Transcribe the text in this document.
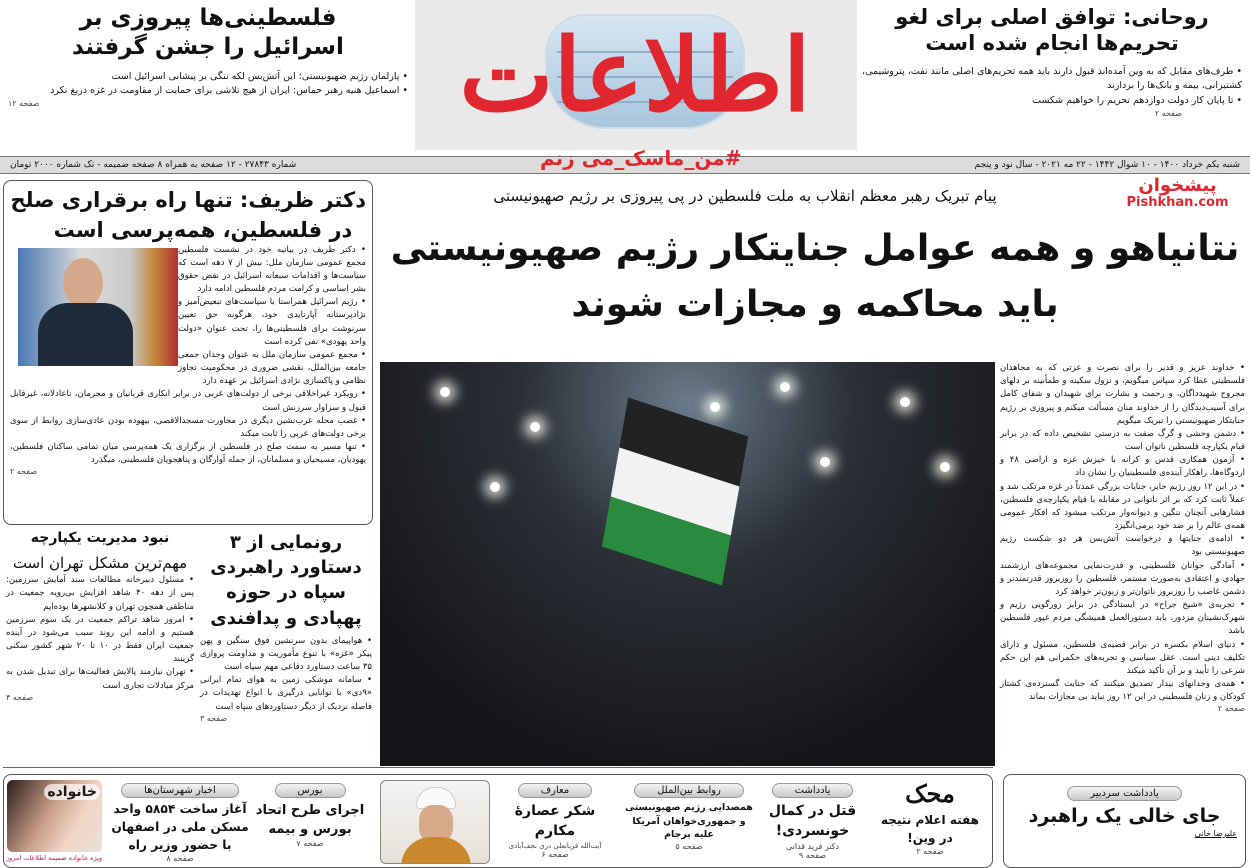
فلسطینی‌ها پیروزی بر اسرائیل را جشن گرفتند
• پارلمان رژیم صهیونیستی: این آتش‌بس لکه ننگی بر پیشانی اسرائیل است
• اسماعیل هنیه رهبر حماس: ایران از هیچ تلاشی برای حمایت از مقاومت در غزه دریغ نکرد
صفحه ۱۲	اطلاعات	روحانی: توافق اصلی برای لغو تحریم‌ها انجام شده است
• طرف‌های مقابل که به وین آمده‌اند قبول دارند باید همه تحریم‌های اصلی مانند نفت، پتروشیمی، کشتیرانی، بیمه و بانک‌ها را بردارند
• تا پایان کار دولت دوازدهم تحریم را خواهیم شکست
صفحه ۲
شنبه یکم خرداد ۱۴۰۰ - ۱۰ شوال ۱۴۴۲ - ۲۲ مه ۲۰۲۱ - سال نود و پنجم
شماره ۲۷۸۴۳ - ۱۲ صفحه به همراه ۸ صفحه ضمیمه - تک شماره ۲۰۰۰ تومان	#من_ماسک_می زنم
پیشخوان
Pishkhan.com
پیام تبریک رهبر معظم انقلاب به ملت فلسطین در پی پیروزی بر رژیم صهیونیستی
نتانیاهو و همه عوامل جنایتکار رژیم صهیونیستی
باید محاکمه و مجازات شوند
دکتر ظریف: تنها راه برقراری صلح
در فلسطین، همه‌پرسی است
• دکتر ظریف در بیانیه خود در نشست فلسطین مجمع عمومی سازمان ملل: بیش از ۷ دهه است که سیاست‌ها و اقدامات سبعانه اسرائیل در نقض حقوق بشر اساسی و کرامت مردم فلسطین ادامه دارد
• رژیم اسرائیل همراستا با سیاست‌های تبعیض‌آمیز و نژادپرستانه آپارتایدی خود، هرگونه حق تعیین سرنوشت برای فلسطینی‌ها را، تحت عنوان «دولت واحد یهودی» نفی کرده است
• مجمع عمومی سازمان ملل به عنوان وجدان جمعی جامعه بین‌الملل، نقشی ضروری در محکومیت تجاوز نظامی و پاکسازی نژادی اسرائیل بر عهده دارد
• رویکرد غیراخلاقی برخی از دولت‌های غربی در برابر انکاری قربانیان و مجرمان، ناعادلانه، غیرقابل قبول و سزاوار سرزنش است
• غصب محله عرب‌نشین دیگری در مجاورت مسجدالاقصی، بیهوده بودن عادی‌سازی روابط از سوی برخی دولت‌های عربی را ثابت میکند
• تنها مسیر به سمت صلح در فلسطین از برگزاری یک همه‌پرسی میان تمامی ساکنان فلسطین، یهودیان، مسیحیان و مسلمانان، از جمله آوارگان و پناهجویان فلسطینی، میگذرد
صفحه ۲
رونمایی از ۳ دستاورد راهبردی سپاه در حوزه پهپادی و پدافندی
• هواپیمای بدون سرنشین فوق سنگین و پهن پیکر «غزه» با تنوع مأموریت و مداومت پروازی ۳۵ ساعت دستاورد دفاعی مهم سپاه است
• سامانه موشکی زمین به هوای تمام ایرانی «۹دی» با توانایی درگیری با انواع تهدیدات در فاصله نزدیک از دیگر دستاوردهای سپاه است
صفحه ۳
نبود مدیریت یکپارچه
مهم‌ترین مشکل تهران است
• مسئول دبیرخانه مطالعات سند آمایش سرزمین: پس از دهه ۴۰ شاهد افزایش بی‌رویه جمعیت در مناطقی همچون تهران و کلانشهرها بوده‌ایم
• امروز شاهد تراکم جمعیت در یک سوم سرزمین هستیم و ادامه این روند سبب می‌شود در آینده جمعیت ایران فقط در ۱۰ تا ۲۰ شهر کشور سکنی گزینند
• تهران نیازمند پالایش فعالیت‌ها برای تبدیل شدن به مرکز مبادلات تجاری است
صفحه ۴
• خداوند عزیز و قدیر را برای نصرت و عزتی که به مجاهدان فلسطینی عطا کرد سپاس میگویم، و نزول سکینه و طمأنینه بر دلهای مجروح شهیدداگان، و رحمت و بشارت برای شهیدان و شفای کامل برای آسیب‌دیدگان را از خداوند منان مسألت میکنم و پیروزی بر رژیم جنایتکار صهیونیستی را تبریک میگویم
• دشمن وحشی و گرگ صفت به درستی تشخیص داده که در برابر قیام یکپارچه فلسطین ناتوان است
• آزمون همکاری قدس و کرانه با خیزش غزه و اراضی ۴۸ و اردوگاه‌ها، راهکار آینده‌ی فلسطینیان را نشان داد
• در این ۱۲ روز رژیم جابر، جنایات بزرگی عمدتاً در غزه مرتکب شد و عملاً ثابت کرد که بر اثر ناتوانی در مقابله با قیام یکپارچه‌ی فلسطین، فشارهایی آنچنان ننگین و دیوانه‌وار مرتکب میشود که افکار عمومی همه‌ی عالم را بر ضد خود برمی‌انگیزد
• ادامه‌ی جنایتها و درخواست آتش‌بس هر دو شکست رژیم صهیونیستی بود
• آمادگی جوانان فلسطینی، و قدرت‌نمایی مجموعه‌های ارزشمند جهادی و اعتقادی به‌صورت مستمر، فلسطین را روزبروز قدرتمندتر و دشمن غاصب را روزبروز ناتوان‌تر و زبون‌تر خواهد کرد
• تجربه‌ی «شیخ جراح» در ایستادگی در برابر زورگویی رژیم و شهرک‌نشینان مزدور، باید دستورالعمل همیشگی مردم غیور فلسطین باشد
• دنیای اسلام بکسره در برابر قضیه‌ی فلسطین، مسئول و دارای تکلیف دینی است. عقل سیاسی و تجربه‌های حکمرانی هم این حکم شرعی را تأیید و بر آن تأکید میکند
• همه‌ی وجدانهای بیدار تصدیق میکنند که جنایت گسترده‌ی کشتار کودکان و زنان فلسطینی در این ۱۲ روز نباید بی مجازات بماند
صفحه ۲
یادداشت سردبیر
جای خالی یک راهبرد
علیرضا خانی
محک
هفته اعلام نتیجه در وین!
صفحه ۲
یادداشت
قتل در کمال خونسردی!
دکتر فرید قدانی
صفحه ۹
روابط بین‌الملل
همصدایی رژیم صهیونیستی و جمهوری‌خواهان آمریکا علیه برجام
صفحه ۵
معارف
شکر عصارهٔ مکارم
آیت‌الله قربانعلی دری نجف‌آبادی
صفحه ۶
بورس
اجرای طرح اتحاد بورس و بیمه
صفحه ۷
اخبار شهرستان‌ها
آغاز ساخت ۵۸۵۴ واحد مسکن ملی در اصفهان با حضور وزیر راه
صفحه ۸
خانواده
ویژه خانواده ضمیمه اطلاعات امروز
